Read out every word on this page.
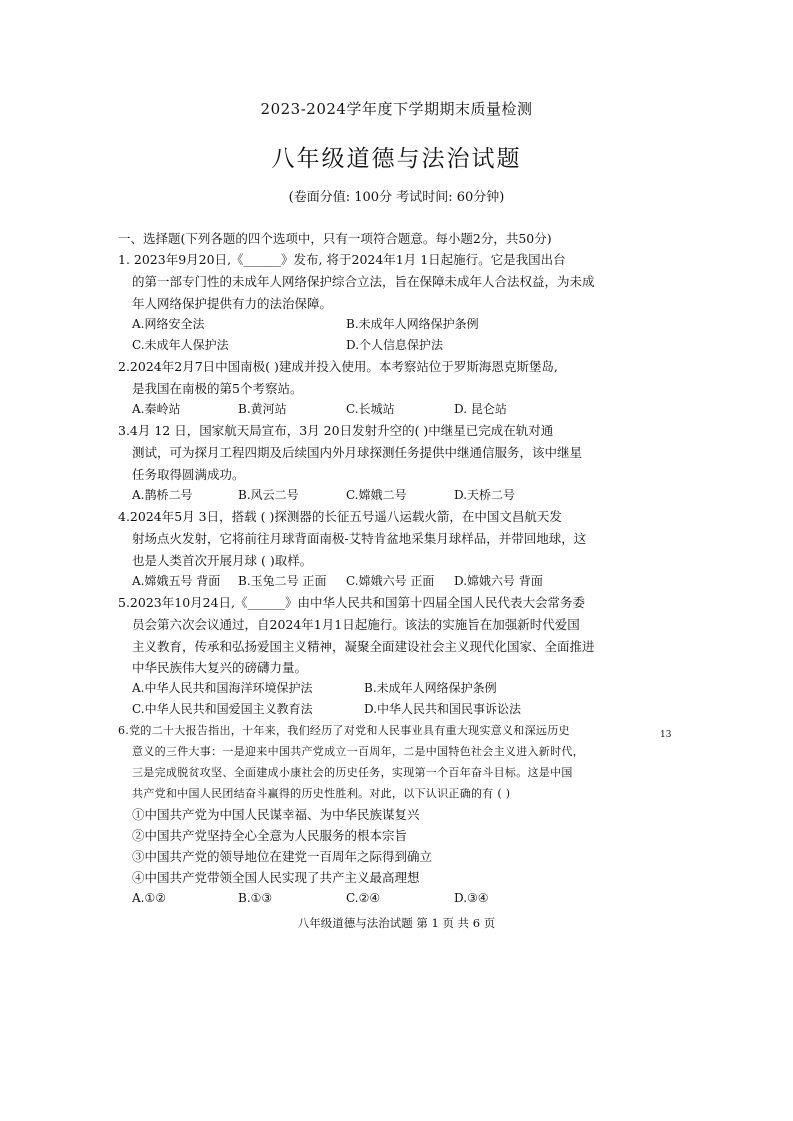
2023-2024学年度下学期期末质量检测
八年级道德与法治试题
(卷面分值: 100分 考试时间: 60分钟)
一、选择题(下列各题的四个选项中，只有一项符合题意。每小题2分，共50分)
1. 2023年9月20日,《______》发布, 将于2024年1月 1日起施行。它是我国出台
的第一部专门性的未成年人网络保护综合立法，旨在保障未成年人合法权益，为未成
年人网络保护提供有力的法治保障。
A.网络安全法	B.未成年人网络保护条例
C.未成年人保护法	D.个人信息保护法
2.2024年2月7日中国南极( )建成并投入使用。本考察站位于罗斯海恩克斯堡岛,
是我国在南极的第5个考察站。
A.秦岭站	B.黄河站	C.长城站	D. 昆仑站
3.4月 12 日，国家航天局宣布，3月 20日发射升空的( )中继星已完成在轨对通
测试，可为探月工程四期及后续国内外月球探测任务提供中继通信服务，该中继星
任务取得圆满成功。
A.鹊桥二号	B.风云二号	C.嫦娥二号	D.天桥二号
4.2024年5月 3日，搭载 ( )探测器的长征五号遥八运载火箭，在中国文昌航天发
射场点火发射，它将前往月球背面南极-艾特肯盆地采集月球样品，并带回地球，这
也是人类首次开展月球 ( )取样。
A.嫦娥五号 背面 B.玉兔二号 正面 C.嫦娥六号 正面 D.嫦娥六号 背面
5.2023年10月24日,《______》由中华人民共和国第十四届全国人民代表大会常务委
员会第六次会议通过，自2024年1月1日起施行。该法的实施旨在加强新时代爱国
主义教育，传承和弘扬爱国主义精神，凝聚全面建设社会主义现代化国家、全面推进
中华民族伟大复兴的磅礴力量。
A.中华人民共和国海洋环境保护法	B.未成年人网络保护条例
C.中华人民共和国爱国主义教育法	D.中华人民共和国民事诉讼法
6.党的二十大报告指出，十年来，我们经历了对党和人民事业具有重大现实意义和深远历史
意义的三件大事：一是迎来中国共产党成立一百周年，二是中国特色社会主义进入新时代，
三是完成脱贫攻坚、全面建成小康社会的历史任务，实现第一个百年奋斗目标。这是中国
共产党和中国人民团结奋斗赢得的历史性胜利。对此，以下认识正确的有 ( )
①中国共产党为中国人民谋幸福、为中华民族谋复兴
②中国共产党坚持全心全意为人民服务的根本宗旨
③中国共产党的领导地位在建党一百周年之际得到确立
④中国共产党带领全国人民实现了共产主义最高理想
A.①②	B.①③	C.②④	D.③④
13
八年级道德与法治试题 第 1 页 共 6 页
